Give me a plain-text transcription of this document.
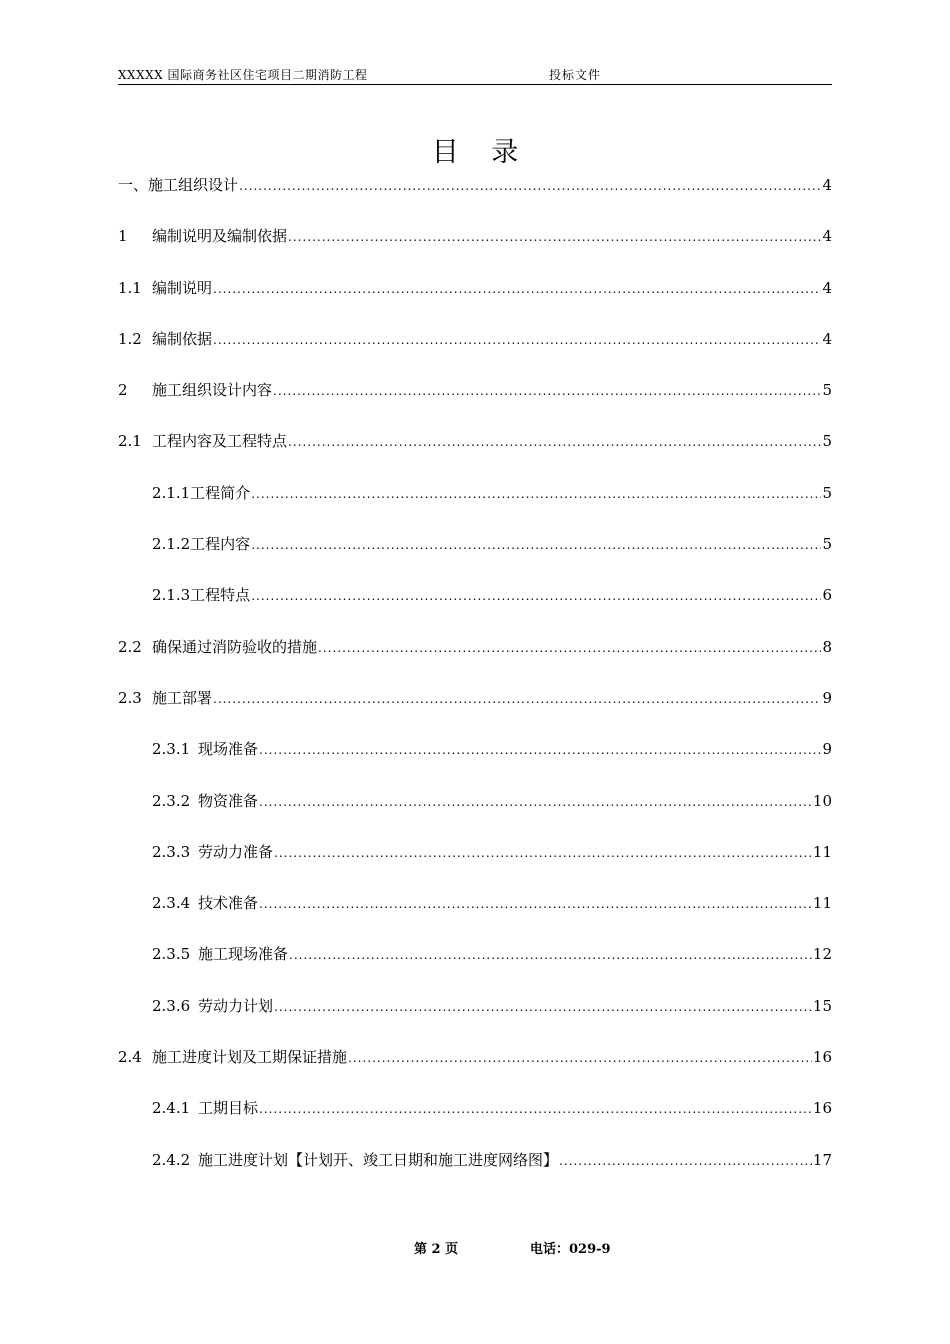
XXXXX 国际商务社区住宅项目二期消防工程	投标文件
目 录
一、 施工组织设计 .....	4
1	编制说明及编制依据 .....	4
1.1 编制说明 .....	4
1.2 编制依据 .....	4
2	施工组织设计内容 .....	5
2.1 工程内容及工程特点 .....	5
2.1.1 工程简介 .....	5
2.1.2 工程内容 .....	5
2.1.3 工程特点 .....	6
2.2 确保通过消防验收的措施 .....	8
2.3 施工部署 .....	9
2.3.1 现场准备 .....	9
2.3.2 物资准备 .....	10
2.3.3 劳动力准备 .....	11
2.3.4 技术准备 .....	11
2.3.5 施工现场准备 .....	12
2.3.6 劳动力计划 .....	15
2.4 施工进度计划及工期保证措施 .....	16
2.4.1 工期目标 .....	16
2.4.2 施工进度计划【计划开、竣工日期和施工进度网络图】 .....	17
第 2 页	电话：029-9
